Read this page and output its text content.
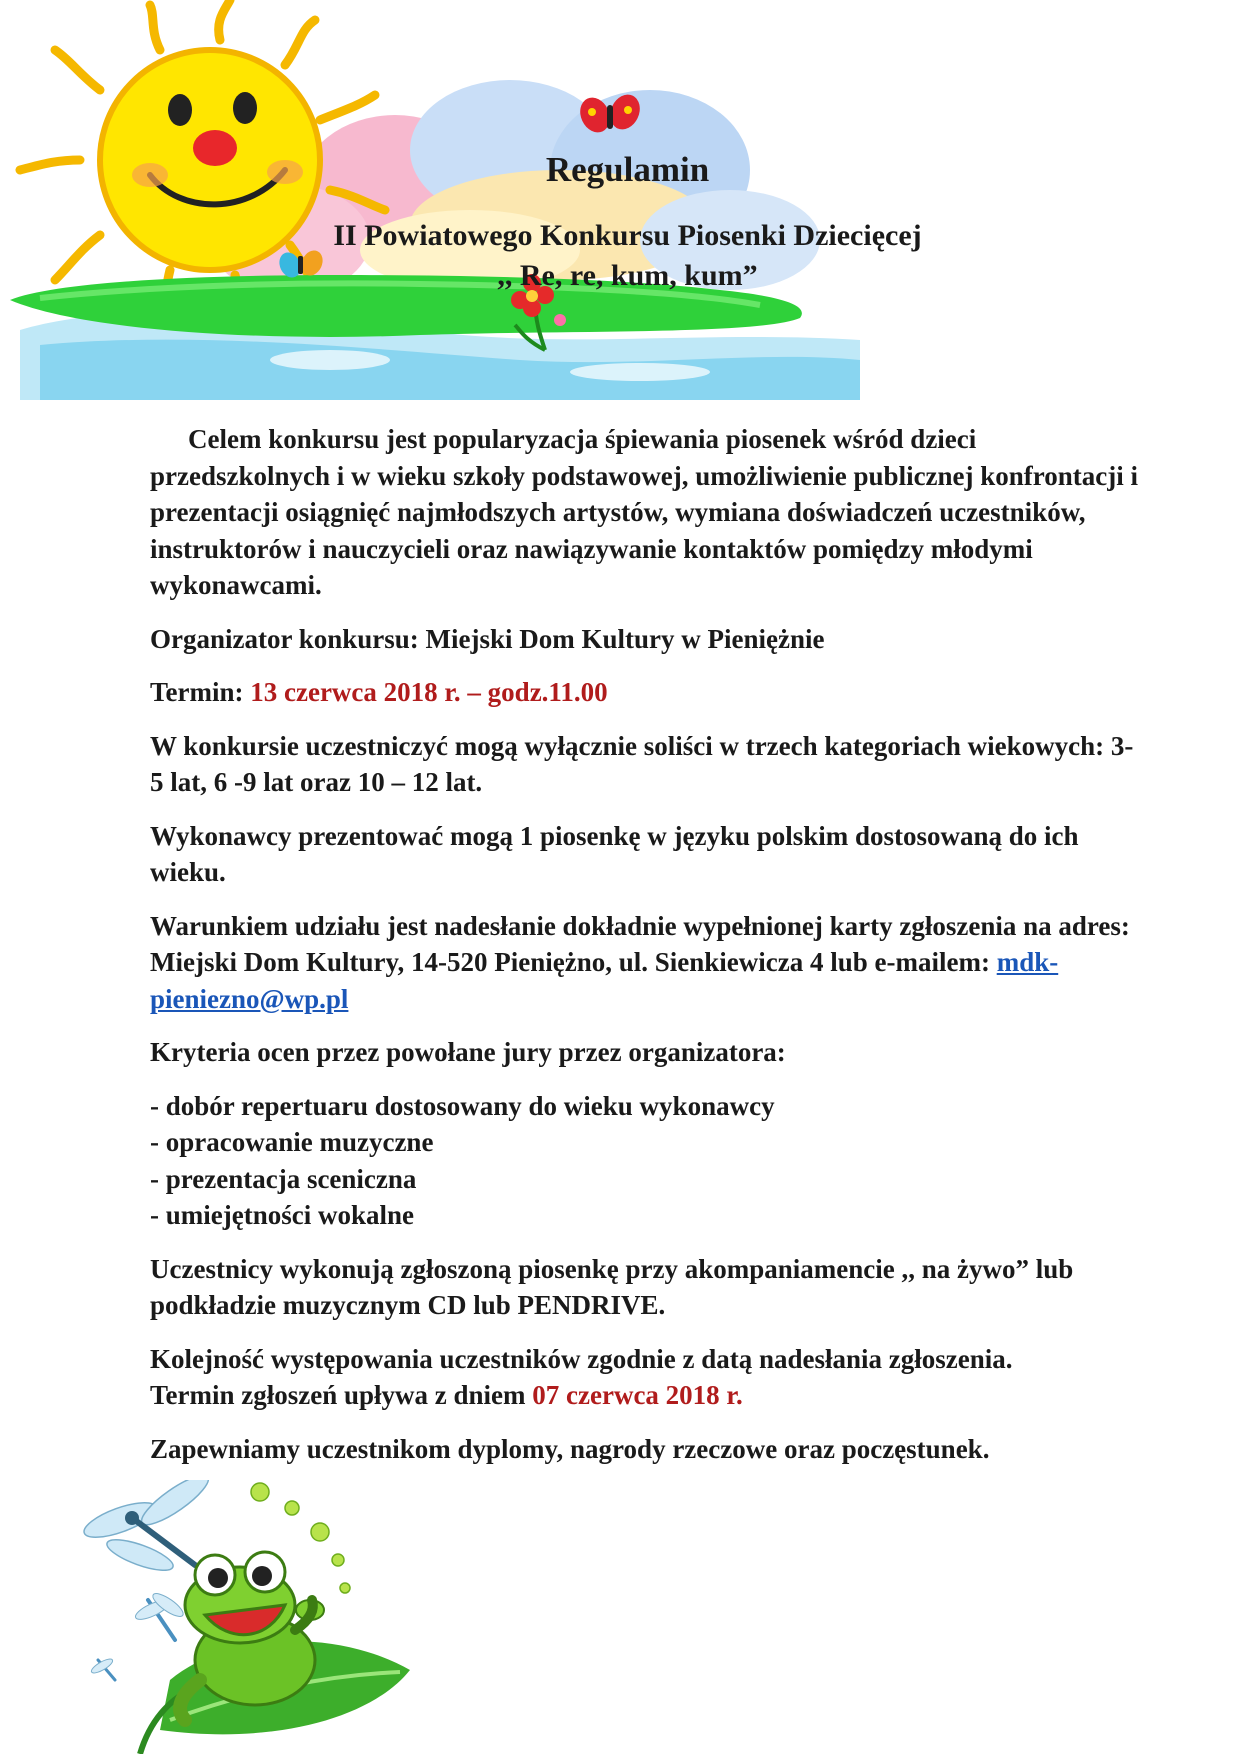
Regulamin
II Powiatowego Konkursu Piosenki Dziecięcej
,, Re, re, kum, kum”

Celem konkursu jest popularyzacja śpiewania piosenek wśród dzieci przedszkolnych i w wieku szkoły podstawowej, umożliwienie publicznej konfrontacji i prezentacji osiągnięć najmłodszych artystów, wymiana doświadczeń uczestników, instruktorów i nauczycieli oraz nawiązywanie kontaktów pomiędzy młodymi wykonawcami.

Organizator konkursu: Miejski Dom Kultury w Pieniężnie

Termin: 13 czerwca 2018 r. – godz.11.00

W konkursie uczestniczyć mogą wyłącznie soliści w trzech kategoriach wiekowych: 3-5 lat, 6 -9 lat oraz 10 – 12 lat.

Wykonawcy prezentować mogą 1 piosenkę w języku polskim dostosowaną do ich wieku.

Warunkiem udziału jest nadesłanie dokładnie wypełnionej karty zgłoszenia na adres: Miejski Dom Kultury, 14-520 Pieniężno, ul. Sienkiewicza 4 lub e-mailem: mdk-pieniezno@wp.pl

Kryteria ocen przez powołane jury przez organizatora:

- dobór repertuaru dostosowany do wieku wykonawcy
- opracowanie muzyczne
- prezentacja sceniczna
- umiejętności wokalne

Uczestnicy wykonują zgłoszoną piosenkę przy akompaniamencie ,, na żywo” lub podkładzie muzycznym CD lub PENDRIVE.

Kolejność występowania uczestników zgodnie z datą nadesłania zgłoszenia.
Termin zgłoszeń upływa z dniem 07 czerwca 2018 r.

Zapewniamy uczestnikom dyplomy, nagrody rzeczowe oraz poczęstunek.
